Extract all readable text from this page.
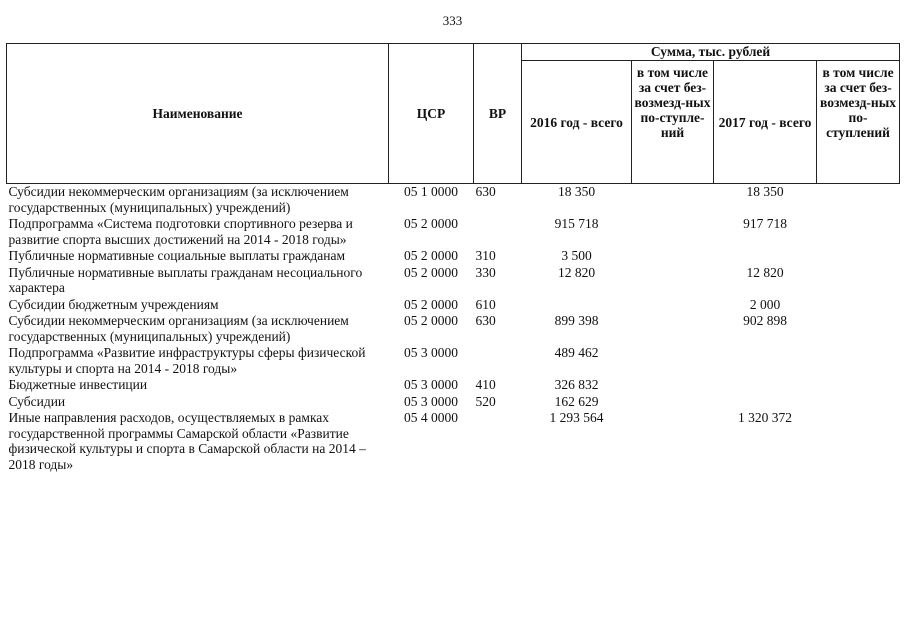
333
Наименование	ЦСР	ВР	Сумма, тыс. рублей			
			2016 год - всего	в том числе за счет без-возмезд-ных по-ступле-ний	2017 год - всего	в том числе за счет без-возмезд-ных по-ступлений
Субсидии некоммерческим организациям (за исключением государственных (муниципальных) учреждений)	05 1 0000	630	18 350		18 350	
Подпрограмма «Система подготовки спортивного резерва и развитие спорта высших достижений на 2014 - 2018 годы»	05 2 0000		915 718		917 718	
Публичные нормативные социальные выплаты гражданам	05 2 0000	310	3 500			
Публичные нормативные выплаты гражданам несоциального характера	05 2 0000	330	12 820		12 820	
Субсидии бюджетным учреждениям	05 2 0000	610			2 000	
Субсидии некоммерческим организациям (за исключением государственных (муниципальных) учреждений)	05 2 0000	630	899 398		902 898	
Подпрограмма «Развитие инфраструктуры сферы физической культуры и спорта на 2014 - 2018 годы»	05 3 0000		489 462			
Бюджетные инвестиции	05 3 0000	410	326 832			
Субсидии	05 3 0000	520	162 629			
Иные направления расходов, осуществляемых в рамках государственной программы Самарской области «Развитие физической культуры и спорта в Самарской области на 2014 – 2018 годы»	05 4 0000		1 293 564		1 320 372	
